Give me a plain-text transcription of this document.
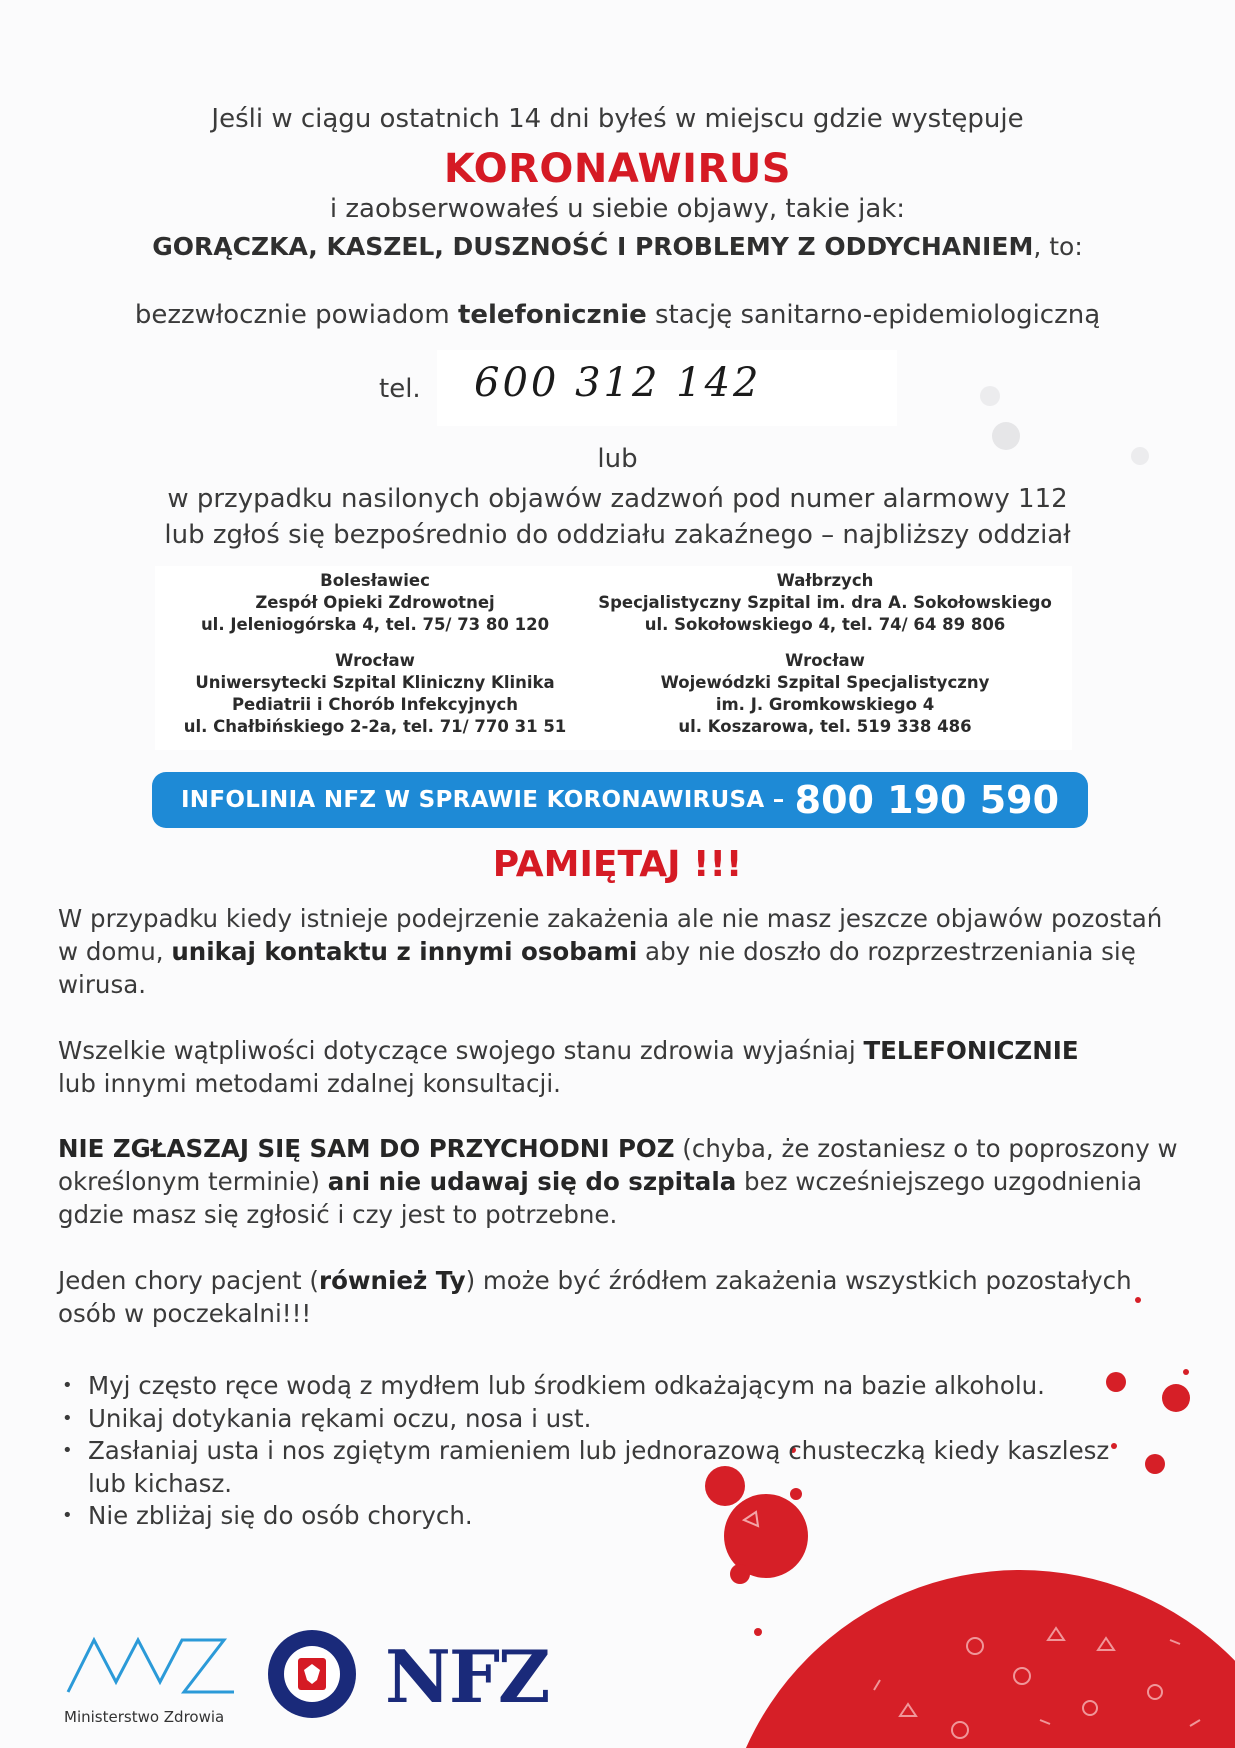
Jeśli w ciągu ostatnich 14 dni byłeś w miejscu gdzie występuje
KORONAWIRUS
i zaobserwowałeś u siebie objawy, takie jak:
GORĄCZKA, KASZEL, DUSZNOŚĆ I PROBLEMY Z ODDYCHANIEM, to:
bezzwłocznie powiadom telefonicznie stację sanitarno-epidemiologiczną
tel. 600 312 142
lub
w przypadku nasilonych objawów zadzwoń pod numer alarmowy 112
lub zgłoś się bezpośrednio do oddziału zakaźnego – najbliższy oddział
Bolesławiec
Zespół Opieki Zdrowotnej
ul. Jeleniogórska 4, tel. 75/ 73 80 120
Wałbrzych
Specjalistyczny Szpital im. dra A. Sokołowskiego
ul. Sokołowskiego 4, tel. 74/ 64 89 806
Wrocław
Uniwersytecki Szpital Kliniczny Klinika
Pediatrii i Chorób Infekcyjnych
ul. Chałbińskiego 2-2a, tel. 71/ 770 31 51
Wrocław
Wojewódzki Szpital Specjalistyczny
im. J. Gromkowskiego 4
ul. Koszarowa, tel. 519 338 486
INFOLINIA NFZ W SPRAWIE KORONAWIRUSA – 800 190 590
PAMIĘTAJ !!!
W przypadku kiedy istnieje podejrzenie zakażenia ale nie masz jeszcze objawów pozostań w domu, unikaj kontaktu z innymi osobami aby nie doszło do rozprzestrzeniania się wirusa.
Wszelkie wątpliwości dotyczące swojego stanu zdrowia wyjaśniaj TELEFONICZNIE
lub innymi metodami zdalnej konsultacji.
NIE ZGŁASZAJ SIĘ SAM DO PRZYCHODNI POZ (chyba, że zostaniesz o to poproszony w określonym terminie) ani nie udawaj się do szpitala bez wcześniejszego uzgodnienia gdzie masz się zgłosić i czy jest to potrzebne.
Jeden chory pacjent (również Ty) może być źródłem zakażenia wszystkich pozostałych osób w poczekalni!!!
• Myj często ręce wodą z mydłem lub środkiem odkażającym na bazie alkoholu.
• Unikaj dotykania rękami oczu, nosa i ust.
• Zasłaniaj usta i nos zgiętym ramieniem lub jednorazową chusteczką kiedy kaszlesz lub kichasz.
• Nie zbliżaj się do osób chorych.
Ministerstwo Zdrowia NFZ
